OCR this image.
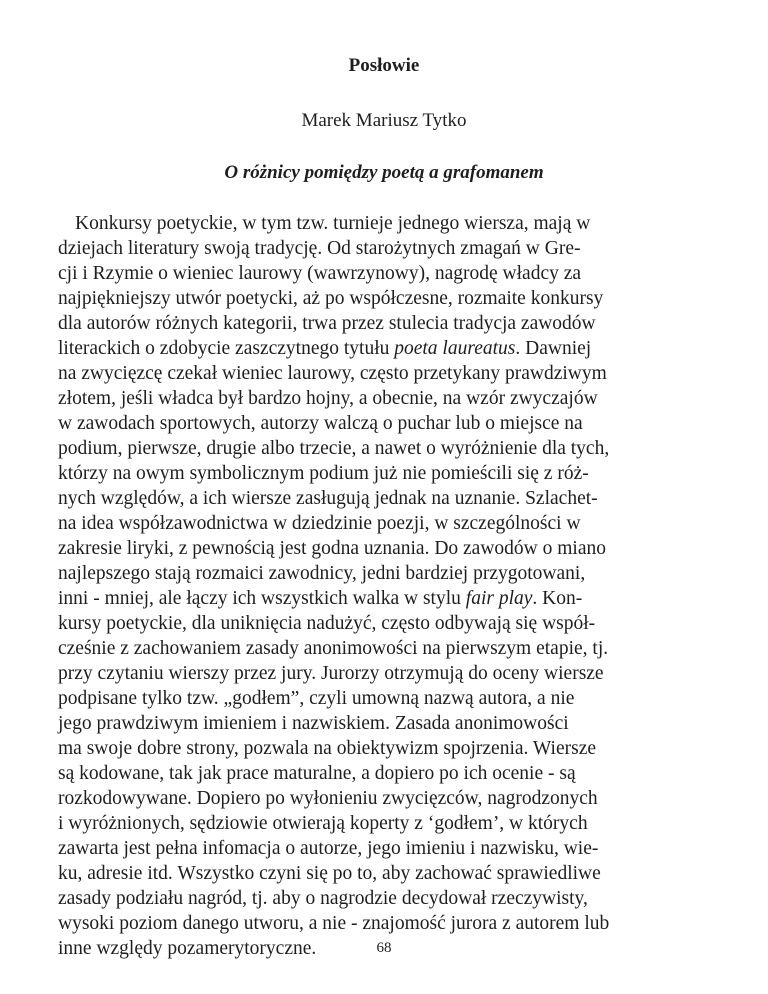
Posłowie
Marek Mariusz Tytko
O różnicy pomiędzy poetą a grafomanem
Konkursy poetyckie, w tym tzw. turnieje jednego wiersza, mają w
dziejach literatury swoją tradycję. Od starożytnych zmagań w Gre-
cji i Rzymie o wieniec laurowy (wawrzynowy), nagrodę władcy za
najpiękniejszy utwór poetycki, aż po współczesne, rozmaite konkursy
dla autorów różnych kategorii, trwa przez stulecia tradycja zawodów
literackich o zdobycie zaszczytnego tytułu poeta laureatus. Dawniej
na zwycięzcę czekał wieniec laurowy, często przetykany prawdziwym
złotem, jeśli władca był bardzo hojny, a obecnie, na wzór zwyczajów
w zawodach sportowych, autorzy walczą o puchar lub o miejsce na
podium, pierwsze, drugie albo trzecie, a nawet o wyróżnienie dla tych,
którzy na owym symbolicznym podium już nie pomieścili się z róż-
nych względów, a ich wiersze zasługują jednak na uznanie. Szlachet-
na idea współzawodnictwa w dziedzinie poezji, w szczególności w
zakresie liryki, z pewnością jest godna uznania. Do zawodów o miano
najlepszego stają rozmaici zawodnicy, jedni bardziej przygotowani,
inni - mniej, ale łączy ich wszystkich walka w stylu fair play. Kon-
kursy poetyckie, dla uniknięcia nadużyć, często odbywają się współ-
cześnie z zachowaniem zasady anonimowości na pierwszym etapie, tj.
przy czytaniu wierszy przez jury. Jurorzy otrzymują do oceny wiersze
podpisane tylko tzw. „godłem”, czyli umowną nazwą autora, a nie
jego prawdziwym imieniem i nazwiskiem. Zasada anonimowości
ma swoje dobre strony, pozwala na obiektywizm spojrzenia. Wiersze
są kodowane, tak jak prace maturalne, a dopiero po ich ocenie - są
rozkodowywane. Dopiero po wyłonieniu zwycięzców, nagrodzonych
i wyróżnionych, sędziowie otwierają koperty z ‘godłem’, w których
zawarta jest pełna infomacja o autorze, jego imieniu i nazwisku, wie-
ku, adresie itd. Wszystko czyni się po to, aby zachować sprawiedliwe
zasady podziału nagród, tj. aby o nagrodzie decydował rzeczywisty,
wysoki poziom danego utworu, a nie - znajomość jurora z autorem lub
inne względy pozamerytoryczne.	68
